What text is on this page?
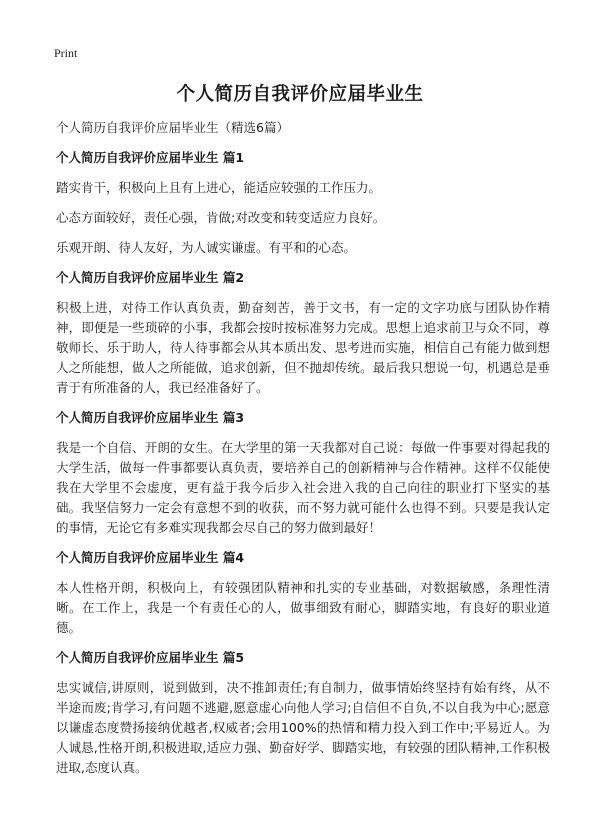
Print
个人简历自我评价应届毕业生

个人简历自我评价应届毕业生（精选6篇）

个人简历自我评价应届毕业生 篇1

踏实肯干，积极向上且有上进心，能适应较强的工作压力。

心态方面较好，责任心强，肯做;对改变和转变适应力良好。

乐观开朗、待人友好，为人诚实谦虚。有平和的心态。

个人简历自我评价应届毕业生 篇2

积极上进，对待工作认真负责，勤奋刻苦，善于文书，有一定的文字功底与团队协作精神，即便是一些琐碎的小事，我都会按时按标准努力完成。思想上追求前卫与众不同，尊敬师长、乐于助人，待人待事都会从其本质出发、思考进而实施，相信自己有能力做到想人之所能想，做人之所能做，追求创新，但不抛却传统。最后我只想说一句，机遇总是垂青于有所准备的人，我已经准备好了。

个人简历自我评价应届毕业生 篇3

我是一个自信、开朗的女生。在大学里的第一天我都对自己说：每做一件事要对得起我的大学生活，做每一件事都要认真负责，要培养自己的创新精神与合作精神。这样不仅能使我在大学里不会虚度，更有益于我今后步入社会进入我的自己向往的职业打下坚实的基础。我坚信努力一定会有意想不到的收获，而不努力就可能什么也得不到。只要是我认定的事情，无论它有多难实现我都会尽自己的努力做到最好！

个人简历自我评价应届毕业生 篇4

本人性格开朗，积极向上，有较强团队精神和扎实的专业基础，对数据敏感，条理性清晰。在工作上，我是一个有责任心的人，做事细致有耐心，脚踏实地，有良好的职业道德。

个人简历自我评价应届毕业生 篇5

忠实诚信,讲原则，说到做到，决不推卸责任;有自制力，做事情始终坚持有始有终，从不半途而废;肯学习,有问题不逃避,愿意虚心向他人学习;自信但不自负,不以自我为中心;愿意以谦虚态度赞扬接纳优越者,权威者;会用100%的热情和精力投入到工作中;平易近人。为人诚恳,性格开朗,积极进取,适应力强、勤奋好学、脚踏实地，有较强的团队精神,工作积极进取,态度认真。
